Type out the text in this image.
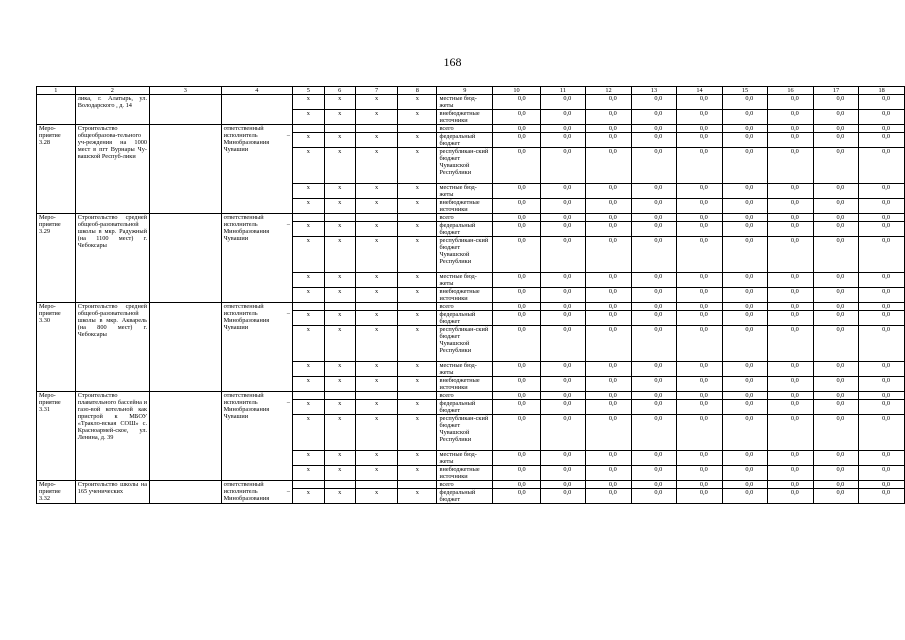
168
1	2	3	4	5	6	7	8	9	10	11	12	13	14	15	16	17	18
	лика, г. Алатырь, ул. Володарского , д. 14			x	x	x	x	местные бюд-жеты	0,0	0,0	0,0	0,0	0,0	0,0	0,0	0,0	0,0
				x	x	x	x	внебюджетные источники	0,0	0,0	0,0	0,0	0,0	0,0	0,0	0,0	0,0
Меро-приятие 3.28	Строительство общеобразова-тельного уч-реждения на 1000 мест в пгт Вурнары Чу-вашской Респуб-лики		ответственный исполнитель – Минобразования Чувашии					всего	0,0	0,0	0,0	0,0	0,0	0,0	0,0	0,0	0,0
				x	x	x	x	федеральный бюджет	0,0	0,0	0,0	0,0	0,0	0,0	0,0	0,0	0,0
				x	x	x	x	республикан-ский бюджет Чувашской Республики	0,0	0,0	0,0	0,0	0,0	0,0	0,0	0,0	0,0
				x	x	x	x	местные бюд-жеты	0,0	0,0	0,0	0,0	0,0	0,0	0,0	0,0	0,0
				x	x	x	x	внебюджетные источники	0,0	0,0	0,0	0,0	0,0	0,0	0,0	0,0	0,0
Меро-приятие 3.29	Строительство средней общеоб-разовательной школы в мкр. Радужный (на 1100 мест) г. Чебоксары		ответственный исполнитель – Минобразования Чувашии					всего	0,0	0,0	0,0	0,0	0,0	0,0	0,0	0,0	0,0
				x	x	x	x	федеральный бюджет	0,0	0,0	0,0	0,0	0,0	0,0	0,0	0,0	0,0
				x	x	x	x	республикан-ский бюджет Чувашской Республики	0,0	0,0	0,0	0,0	0,0	0,0	0,0	0,0	0,0
				x	x	x	x	местные бюд-жеты	0,0	0,0	0,0	0,0	0,0	0,0	0,0	0,0	0,0
				x	x	x	x	внебюджетные источники	0,0	0,0	0,0	0,0	0,0	0,0	0,0	0,0	0,0
Меро-приятие 3.30	Строительство средней общеоб-разовательной школы в мкр. Акварель (на 800 мест) г. Чебоксары		ответственный исполнитель – Минобразования Чувашии					всего	0,0	0,0	0,0	0,0	0,0	0,0	0,0	0,0	0,0
				x	x	x	x	федеральный бюджет	0,0	0,0	0,0	0,0	0,0	0,0	0,0	0,0	0,0
				x	x	x	x	республикан-ский бюджет Чувашской Республики	0,0	0,0	0,0	0,0	0,0	0,0	0,0	0,0	0,0
				x	x	x	x	местные бюд-жеты	0,0	0,0	0,0	0,0	0,0	0,0	0,0	0,0	0,0
				x	x	x	x	внебюджетные источники	0,0	0,0	0,0	0,0	0,0	0,0	0,0	0,0	0,0
Меро-приятие 3.31	Строительство плавательного бассейна и газо-вой котельной как пристрой к МБОУ «Тракло-вская СОШ» с. Красноармей-ское, ул. Ленина, д. 39		ответственный исполнитель – Минобразования Чувашии					всего	0,0	0,0	0,0	0,0	0,0	0,0	0,0	0,0	0,0
				x	x	x	x	федеральный бюджет	0,0	0,0	0,0	0,0	0,0	0,0	0,0	0,0	0,0
				x	x	x	x	республикан-ский бюджет Чувашской Республики	0,0	0,0	0,0	0,0	0,0	0,0	0,0	0,0	0,0
				x	x	x	x	местные бюд-жеты	0,0	0,0	0,0	0,0	0,0	0,0	0,0	0,0	0,0
				x	x	x	x	внебюджетные источники	0,0	0,0	0,0	0,0	0,0	0,0	0,0	0,0	0,0
Меро-приятие 3.32	Строительство школы на 165 ученических		ответственный исполнитель – Минобразования					всего	0,0	0,0	0,0	0,0	0,0	0,0	0,0	0,0	0,0
				x	x	x	x	федеральный бюджет	0,0	0,0	0,0	0,0	0,0	0,0	0,0	0,0	0,0
